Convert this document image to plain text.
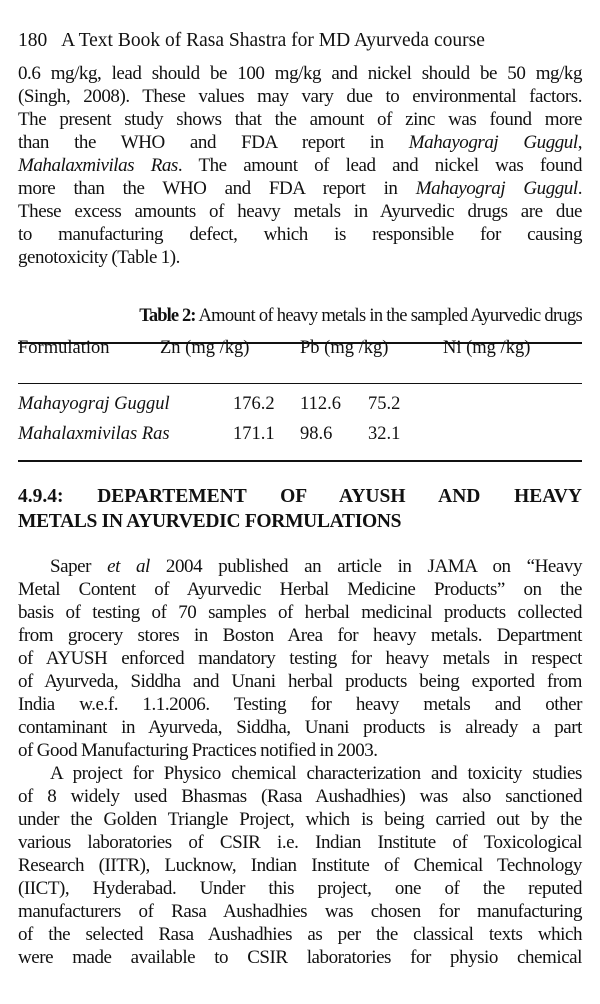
180 A Text Book of Rasa Shastra for MD Ayurveda course
0.6 mg/kg, lead should be 100 mg/kg and nickel should be 50 mg/kg
(Singh, 2008). These values may vary due to environmental factors.
The present study shows that the amount of zinc was found more
than the WHO and FDA report in Mahayograj Guggul,
Mahalaxmivilas Ras. The amount of lead and nickel was found
more than the WHO and FDA report in Mahayograj Guggul.
These excess amounts of heavy metals in Ayurvedic drugs are due
to manufacturing defect, which is responsible for causing
genotoxicity (Table 1).
Table 2: Amount of heavy metals in the sampled Ayurvedic drugs
Formulation	Zn (mg /kg)	Pb (mg /kg)	Ni (mg /kg)
Mahayograj Guggul	176.2 112.6 75.2
Mahalaxmivilas Ras	171.1 98.6 32.1
4.9.4: DEPARTEMENT OF AYUSH AND HEAVY
METALS IN AYURVEDIC FORMULATIONS
Saper et al 2004 published an article in JAMA on “Heavy
Metal Content of Ayurvedic Herbal Medicine Products” on the
basis of testing of 70 samples of herbal medicinal products collected
from grocery stores in Boston Area for heavy metals. Department
of AYUSH enforced mandatory testing for heavy metals in respect
of Ayurveda, Siddha and Unani herbal products being exported from
India w.e.f. 1.1.2006. Testing for heavy metals and other
contaminant in Ayurveda, Siddha, Unani products is already a part
of Good Manufacturing Practices notified in 2003.
A project for Physico chemical characterization and toxicity studies
of 8 widely used Bhasmas (Rasa Aushadhies) was also sanctioned
under the Golden Triangle Project, which is being carried out by the
various laboratories of CSIR i.e. Indian Institute of Toxicological
Research (IITR), Lucknow, Indian Institute of Chemical Technology
(IICT), Hyderabad. Under this project, one of the reputed
manufacturers of Rasa Aushadhies was chosen for manufacturing
of the selected Rasa Aushadhies as per the classical texts which
were made available to CSIR laboratories for physio chemical
